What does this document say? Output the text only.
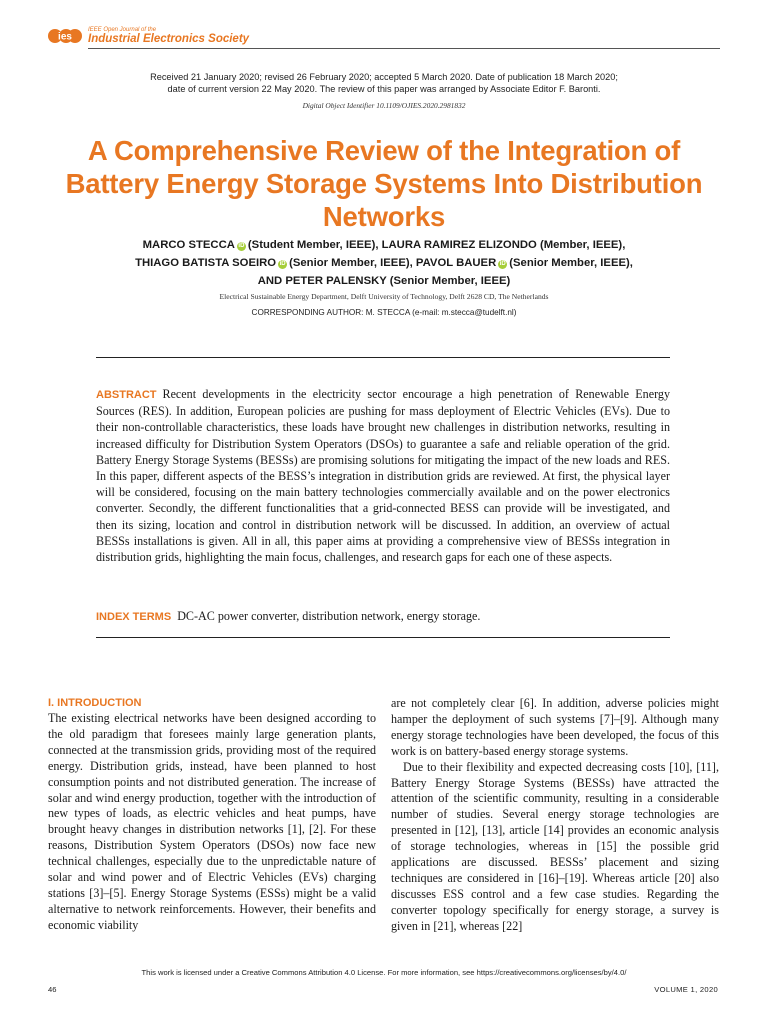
ies
IEEE Open Journal of the
Industrial Electronics Society
Received 21 January 2020; revised 26 February 2020; accepted 5 March 2020. Date of publication 18 March 2020;
date of current version 22 May 2020. The review of this paper was arranged by Associate Editor F. Baronti.
Digital Object Identifier 10.1109/OJIES.2020.2981832
A Comprehensive Review of the Integration of Battery Energy Storage Systems Into Distribution Networks
MARCO STECCA iD (Student Member, IEEE), LAURA RAMIREZ ELIZONDO (Member, IEEE),
THIAGO BATISTA SOEIRO iD (Senior Member, IEEE), PAVOL BAUER iD (Senior Member, IEEE),
AND PETER PALENSKY (Senior Member, IEEE)
Electrical Sustainable Energy Department, Delft University of Technology, Delft 2628 CD, The Netherlands
CORRESPONDING AUTHOR: M. STECCA (e-mail: m.stecca@tudelft.nl)

ABSTRACT Recent developments in the electricity sector encourage a high penetration of Renewable Energy Sources (RES). In addition, European policies are pushing for mass deployment of Electric Vehicles (EVs). Due to their non-controllable characteristics, these loads have brought new challenges in distribution networks, resulting in increased difficulty for Distribution System Operators (DSOs) to guarantee a safe and reliable operation of the grid. Battery Energy Storage Systems (BESSs) are promising solutions for mitigating the impact of the new loads and RES. In this paper, different aspects of the BESS’s integration in distribution grids are reviewed. At first, the physical layer will be considered, focusing on the main battery technologies commercially available and on the power electronics converter. Secondly, the different functionalities that a grid-connected BESS can provide will be investigated, and then its sizing, location and control in distribution network will be discussed. In addition, an overview of actual BESSs installations is given. All in all, this paper aims at providing a comprehensive view of BESSs integration in distribution grids, highlighting the main focus, challenges, and research gaps for each one of these aspects.

INDEX TERMS DC-AC power converter, distribution network, energy storage.

I. INTRODUCTION

The existing electrical networks have been designed according to the old paradigm that foresees mainly large generation plants, connected at the transmission grids, providing most of the required energy. Distribution grids, instead, have been planned to host consumption points and not distributed generation. The increase of solar and wind energy production, together with the introduction of new types of loads, as electric vehicles and heat pumps, have brought heavy changes in distribution networks [1], [2]. For these reasons, Distribution System Operators (DSOs) now face new technical challenges, especially due to the unpredictable nature of solar and wind power and of Electric Vehicles (EVs) charging stations [3]–[5]. Energy Storage Systems (ESSs) might be a valid alternative to network reinforcements. However, their benefits and economic viability

are not completely clear [6]. In addition, adverse policies might hamper the deployment of such systems [7]–[9]. Although many energy storage technologies have been developed, the focus of this work is on battery-based energy storage systems.

Due to their flexibility and expected decreasing costs [10], [11], Battery Energy Storage Systems (BESSs) have attracted the attention of the scientific community, resulting in a considerable number of studies. Several energy storage technologies are presented in [12], [13], article [14] provides an economic analysis of storage technologies, whereas in [15] the possible grid applications are discussed. BESSs’ placement and sizing techniques are considered in [16]–[19]. Whereas article [20] also discusses ESS control and a few case studies. Regarding the converter topology specifically for energy storage, a survey is given in [21], whereas [22]

This work is licensed under a Creative Commons Attribution 4.0 License. For more information, see https://creativecommons.org/licenses/by/4.0/
46	VOLUME 1, 2020
